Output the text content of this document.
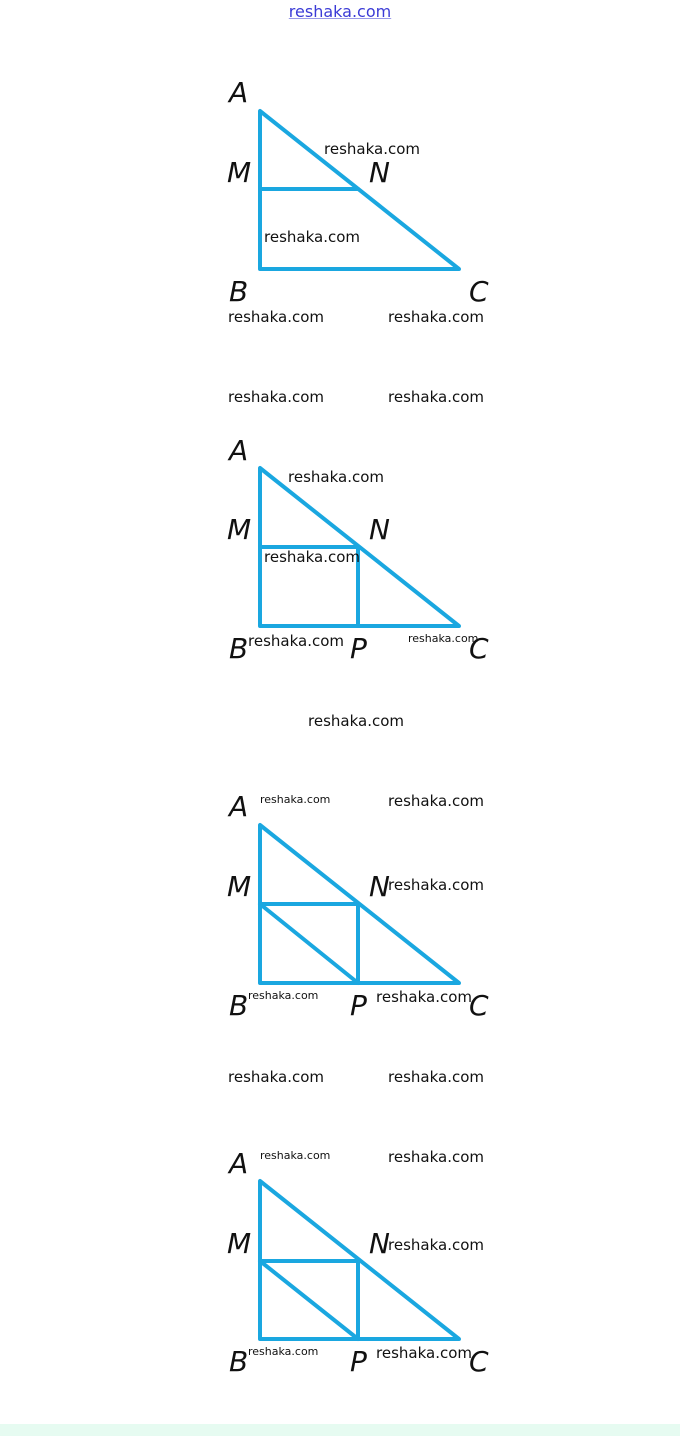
reshaka.com
A
M	N
B	C
reshaka.com
reshaka.com
reshaka.com	reshaka.com
reshaka.com	reshaka.com
A
M	N
B	P	C
reshaka.com
reshaka.com
reshaka.com	reshaka.com
reshaka.com
A
M	N
B	P	C
reshaka.com	reshaka.com
reshaka.com
reshaka.com	reshaka.com
reshaka.com	reshaka.com
A
M	N
B	P	C
reshaka.com	reshaka.com
reshaka.com
reshaka.com	reshaka.com
